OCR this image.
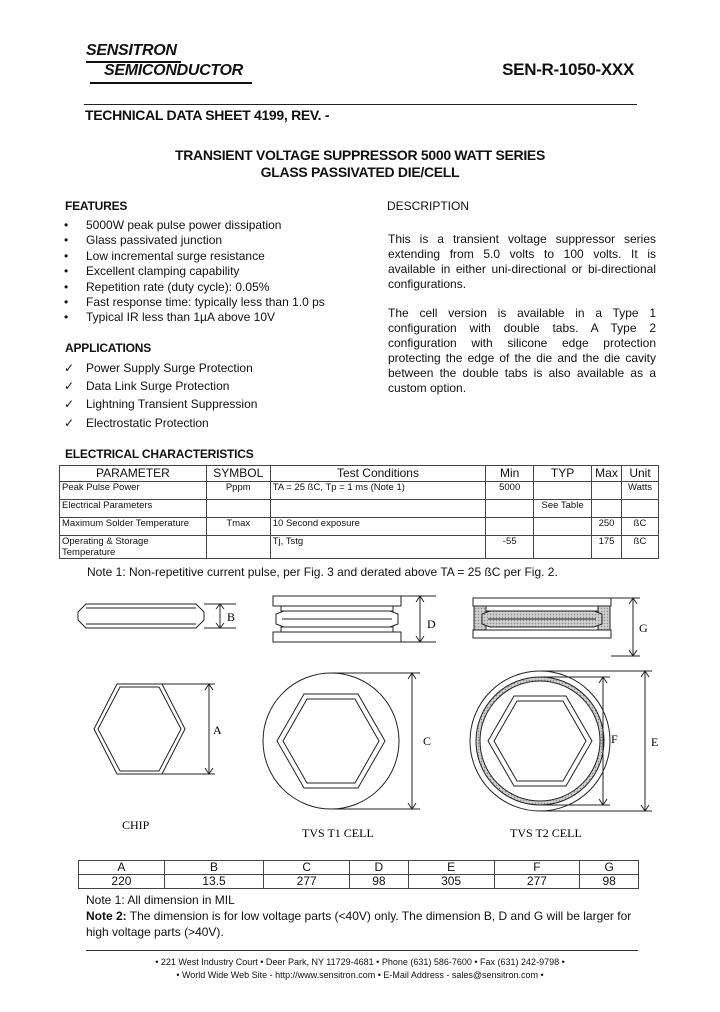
SENSITRON
SEMICONDUCTOR	SEN-R-1050-XXX
TECHNICAL DATA SHEET 4199, REV. -
TRANSIENT VOLTAGE SUPPRESSOR 5000 WATT SERIES
GLASS PASSIVATED DIE/CELL
FEATURES
•	5000W peak pulse power dissipation
•	Glass passivated junction
•	Low incremental surge resistance
•	Excellent clamping capability
•	Repetition rate (duty cycle): 0.05%
•	Fast response time: typically less than 1.0 ps
•	Typical IR less than 1µA above 10V
APPLICATIONS
✓ Power Supply Surge Protection
✓ Data Link Surge Protection
✓ Lightning Transient Suppression
✓ Electrostatic Protection
DESCRIPTION
This is a transient voltage suppressor series extending from 5.0 volts to 100 volts. It is available in either uni-directional or bi-directional configurations.
The cell version is available in a Type 1 configuration with double tabs. A Type 2 configuration with silicone edge protection protecting the edge of the die and the die cavity between the double tabs is also available as a custom option.
ELECTRICAL CHARACTERISTICS
PARAMETER	SYMBOL	Test Conditions	Min	TYP	Max	Unit
Peak Pulse Power	Pppm	TA = 25 ßC, Tp = 1 ms (Note 1)	5000			Watts
Electrical Parameters				See Table		
Maximum Solder Temperature	Tmax	10 Second exposure			250	ßC
Operating & Storage Temperature		Tj, Tstg	-55		175	ßC
Note 1: Non-repetitive current pulse, per Fig. 3 and derated above TA = 25 ßC per Fig. 2.
B	D	G
A
C	F	E
CHIP
TVS T1 CELL	TVS T2 CELL
A	B	C	D	E	F	G
220	13.5	277	98	305	277	98
Note 1: All dimension in MIL
Note 2: The dimension is for low voltage parts (<40V) only. The dimension B, D and G will be larger for high voltage parts (>40V).
• 221 West Industry Court • Deer Park, NY 11729-4681 • Phone (631) 586-7600 • Fax (631) 242-9798 •
• World Wide Web Site - http://www.sensitron.com • E-Mail Address - sales@sensitron.com •
